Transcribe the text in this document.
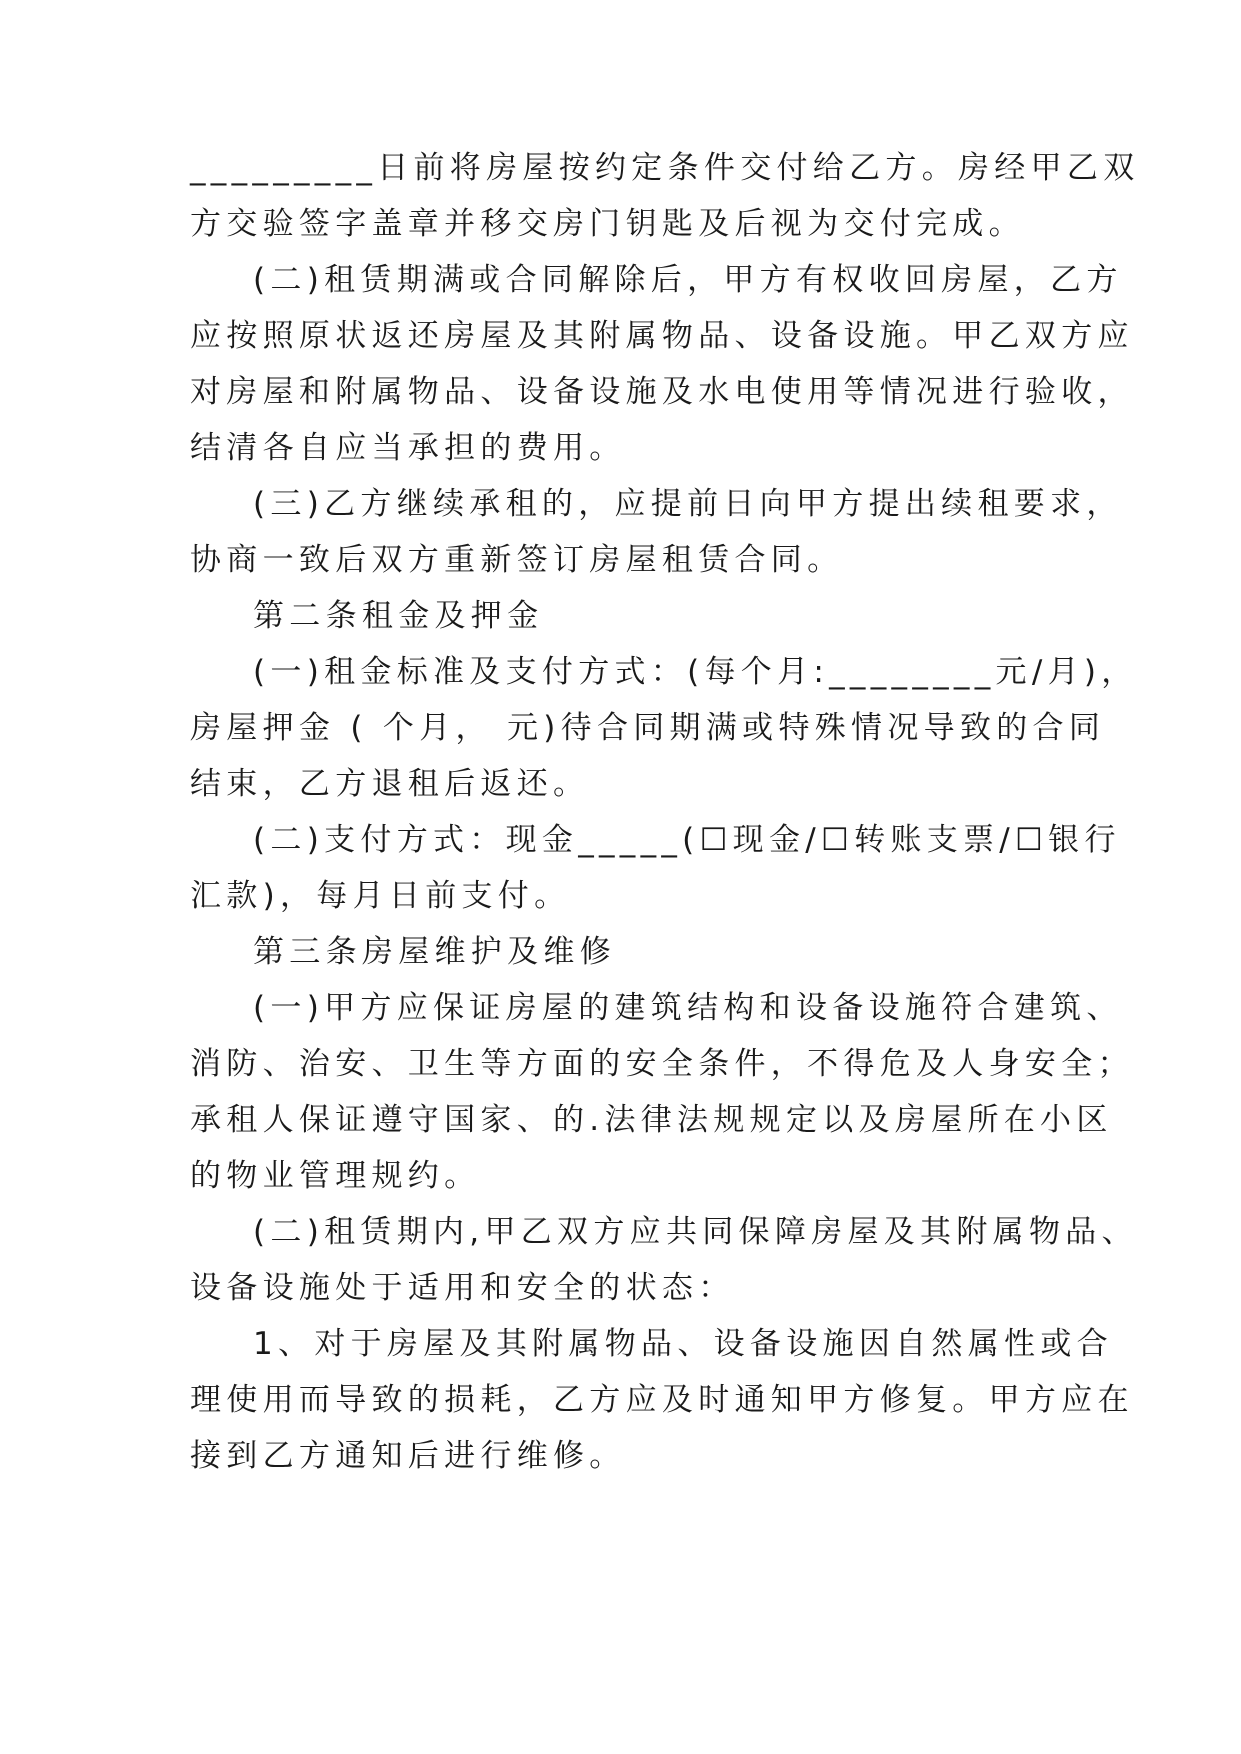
_________日前将房屋按约定条件交付给乙方。房经甲乙双
方交验签字盖章并移交房门钥匙及后视为交付完成。
(二)租赁期满或合同解除后，甲方有权收回房屋，乙方
应按照原状返还房屋及其附属物品、设备设施。甲乙双方应
对房屋和附属物品、设备设施及水电使用等情况进行验收，
结清各自应当承担的费用。
(三)乙方继续承租的，应提前日向甲方提出续租要求，
协商一致后双方重新签订房屋租赁合同。
第二条租金及押金
(一)租金标准及支付方式：(每个月:________元/月)，
房屋押金 ( 个月， 元)待合同期满或特殊情况导致的合同
结束，乙方退租后返还。
(二)支付方式：现金_____(☐现金/☐转账支票/☐银行
汇款)，每月日前支付。
第三条房屋维护及维修
(一)甲方应保证房屋的建筑结构和设备设施符合建筑、
消防、治安、卫生等方面的安全条件，不得危及人身安全；
承租人保证遵守国家、的.法律法规规定以及房屋所在小区
的物业管理规约。
(二)租赁期内,甲乙双方应共同保障房屋及其附属物品、
设备设施处于适用和安全的状态：
1、对于房屋及其附属物品、设备设施因自然属性或合
理使用而导致的损耗，乙方应及时通知甲方修复。甲方应在
接到乙方通知后进行维修。
